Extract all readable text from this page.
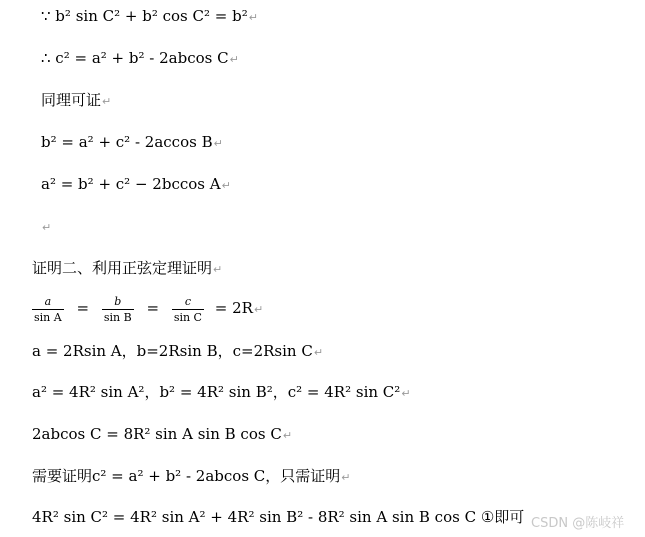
∵ b² sin C² + b² cos C² = b²↵
∴ c² = a² + b² - 2abcos C↵
同理可证↵
b² = a² + c² - 2accos B↵
a² = b² + c² − 2bccos A↵
↵
证明二、利用正弦定理证明↵
$\frac{a}{\text{sin A}} = \frac{b}{\text{sin B}} = \frac{c}{\text{sin C}}$ = 2R↵
a = 2Rsin A，b=2Rsin B，c=2Rsin C↵
a² = 4R² sin A²，b² = 4R² sin B²，c² = 4R² sin C²↵
2abcos C = 8R² sin A sin B cos C↵
需要证明c² = a² + b² - 2abcos C，只需证明↵
4R² sin C² = 4R² sin A² + 4R² sin B² - 8R² sin A sin B cos C ①即可 CSDN @陈岐祥
